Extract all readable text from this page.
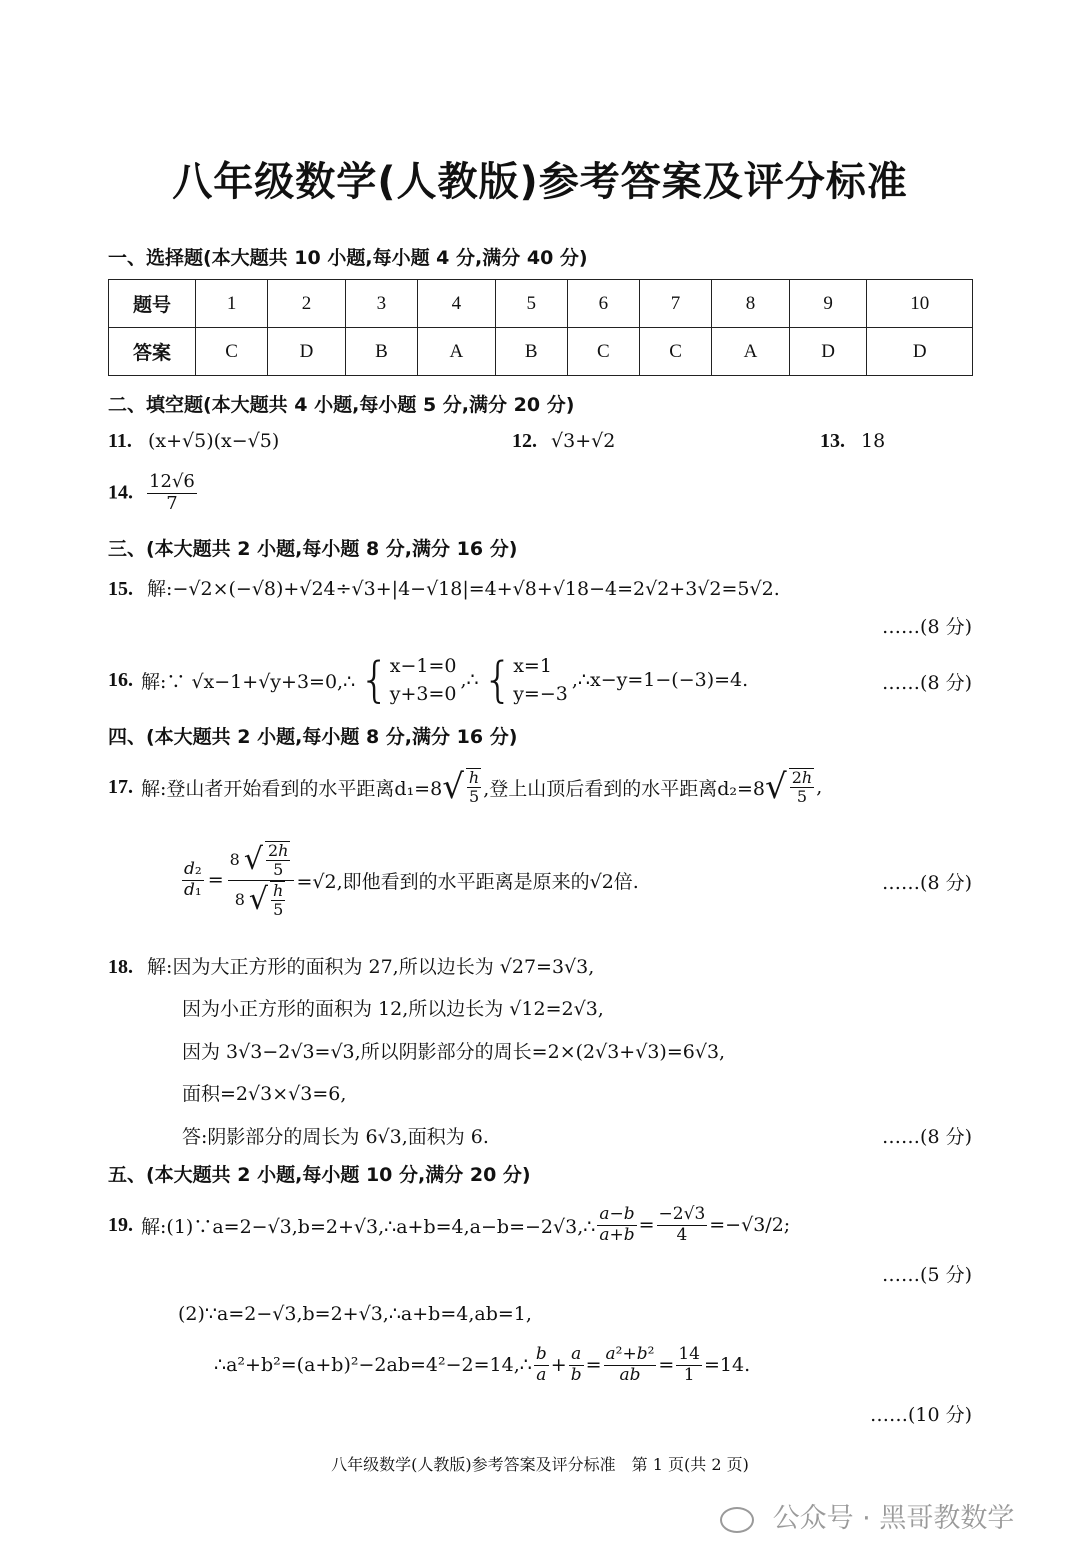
八年级数学(人教版)参考答案及评分标准
一、选择题(本大题共 10 小题,每小题 4 分,满分 40 分)
题号	1	2	3	4	5	6	7	8	9	10
答案	C	D	B	A	B	C	C	A	D	D
二、填空题(本大题共 4 小题,每小题 5 分,满分 20 分)
11. (x+√5)(x−√5)	12. √3+√2	13. 18
14. $\frac{12√6}{7}$
三、(本大题共 2 小题,每小题 8 分,满分 16 分)
15. 解:−√2×(−√8)+√24÷√3+|4−√18|=4+√8+√18−4=2√2+3√2=5√2.
……(8 分)
16. 解:∵ √x−1+√y+3=0,∴ { x−1=0
y+3=0
,∴ { x=1
y=−3
,∴x−y=1−(−3)=4.	……(8 分)
四、(本大题共 2 小题,每小题 8 分,满分 16 分)
17. 解:登山者开始看到的水平距离d₁=8 √ $\frac{h}{5}$ ,登上山顶后看到的水平距离d₂=8 √ $\frac{2h}{5}$ ,
$\frac{\text{d₂}}{\text{d₁}} = \frac{8 √ \frac{2h}{5}}{8 √ \frac{h}{5}} =√2$,即他看到的水平距离是原来的√2倍.	……(8 分)
18. 解:因为大正方形的面积为 27,所以边长为 √27=3√3,
因为小正方形的面积为 12,所以边长为 √12=2√3,
因为 3√3−2√3=√3,所以阴影部分的周长=2×(2√3+√3)=6√3,
面积=2√3×√3=6,
答:阴影部分的周长为 6√3,面积为 6.	……(8 分)
五、(本大题共 2 小题,每小题 10 分,满分 20 分)
19. 解:(1)∵a=2−√3,b=2+√3,∴a+b=4,a−b=−2√3,∴ $\frac{a-b}{a+b} = \frac{-2√3}{4} =-√3/2$;
……(5 分)
(2)∵a=2−√3,b=2+√3,∴a+b=4,ab=1,
∴a²+b²=(a+b)²−2ab=4²−2=14,∴ $\frac{b}{a} + \frac{a}{b} = \frac{\text{a²+b²}}{ab} = \frac{14}{1} =14$.
……(10 分)
八年级数学(人教版)参考答案及评分标准　第 1 页(共 2 页)
公众号 · 黑哥教数学
